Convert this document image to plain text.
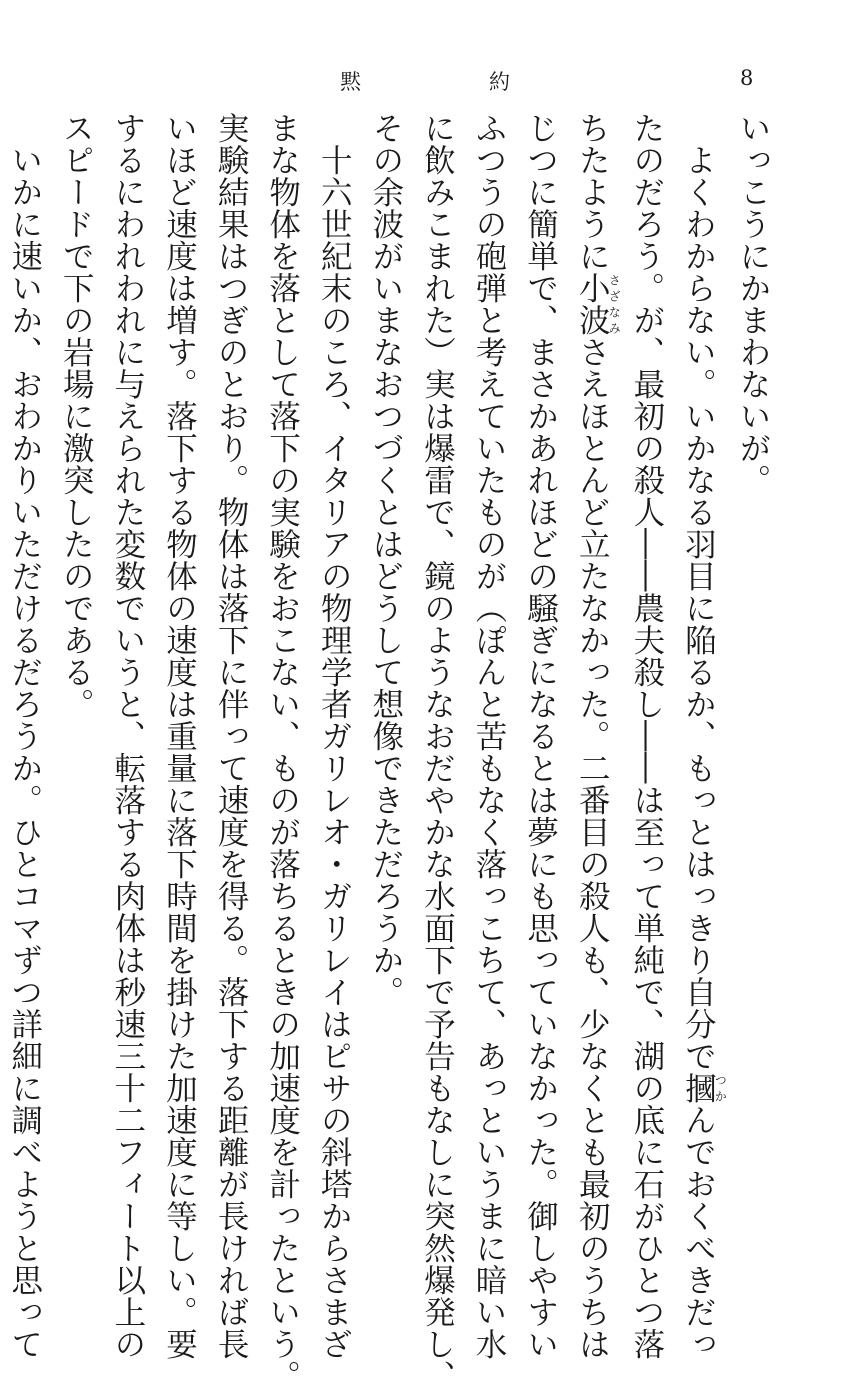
黙	約	8
いっこうにかまわないが。
　よくわからない。いかなる羽目に陥るか、もっとはっきり自分で摑つかんでおくべきだっ
たのだろう。が、最初の殺人――農夫殺し――は至って単純で、湖の底に石がひとつ落
ちたように小波さざなみさえほとんど立たなかった。二番目の殺人も、少なくとも最初のうちは
じつに簡単で、まさかあれほどの騒ぎになるとは夢にも思っていなかった。御しやすい
ふつうの砲弾と考えていたものが（ぽんと苦もなく落っこちて、あっというまに暗い水
に飲みこまれた）実は爆雷で、鏡のようなおだやかな水面下で予告もなしに突然爆発し、
その余波がいまなおつづくとはどうして想像できただろうか。
　十六世紀末のころ、イタリアの物理学者ガリレオ・ガリレイはピサの斜塔からさまざ
まな物体を落として落下の実験をおこない、ものが落ちるときの加速度を計ったという。
実験結果はつぎのとおり。物体は落下に伴って速度を得る。落下する距離が長ければ長
いほど速度は増す。落下する物体の速度は重量に落下時間を掛けた加速度に等しい。要
するにわれわれに与えられた変数でいうと、転落する肉体は秒速三十二フィート以上の
スピードで下の岩場に激突したのである。
　いかに速いか、おわかりいただけるだろうか。ひとコマずつ詳細に調べようと思って
